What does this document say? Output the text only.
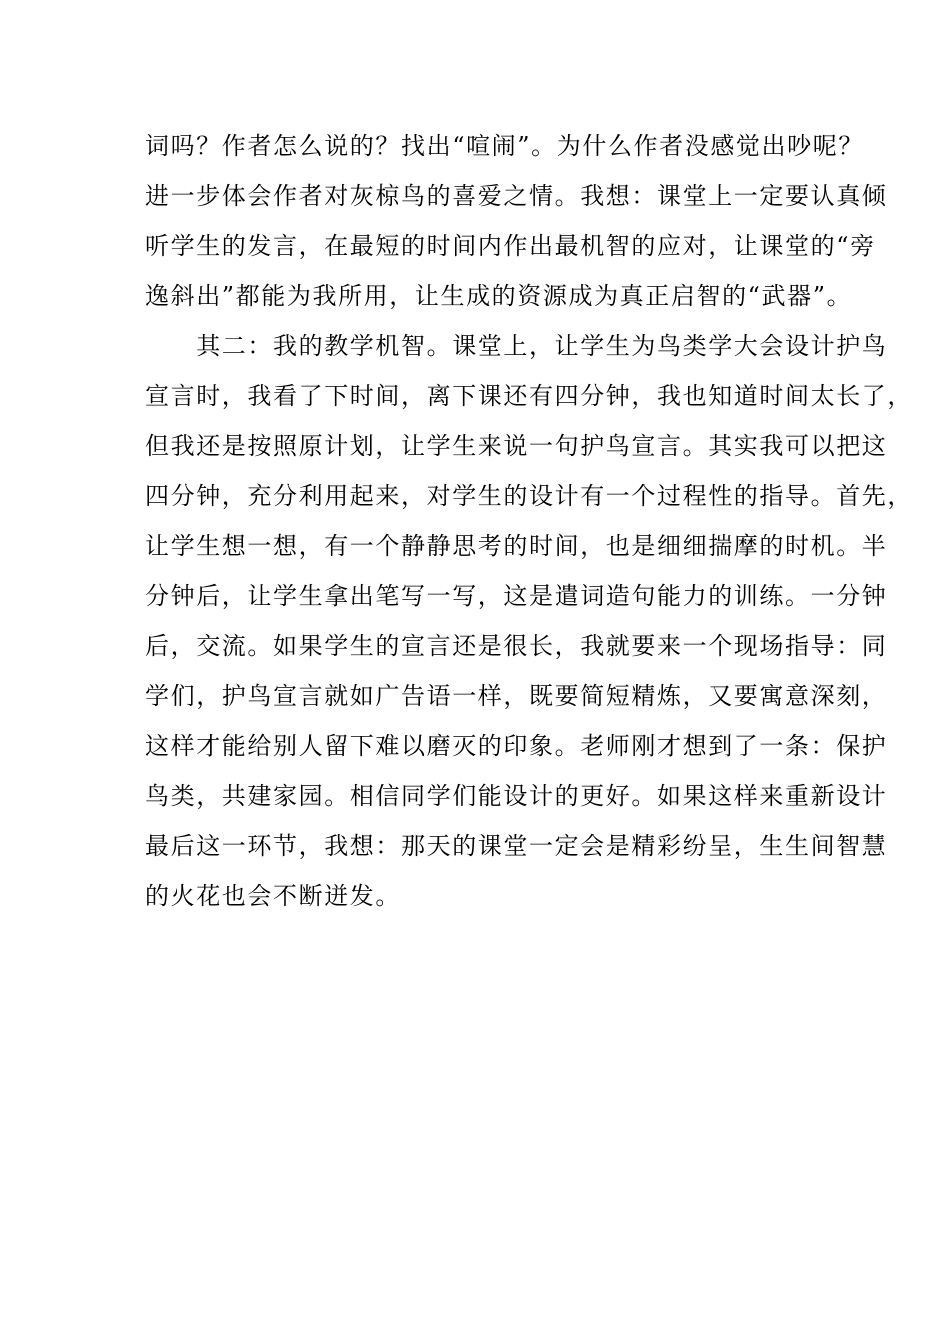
词吗？作者怎么说的？找出“喧闹”。为什么作者没感觉出吵呢？
进一步体会作者对灰椋鸟的喜爱之情。我想：课堂上一定要认真倾
听学生的发言，在最短的时间内作出最机智的应对，让课堂的“旁
逸斜出”都能为我所用，让生成的资源成为真正启智的“武器”。
　　其二：我的教学机智。课堂上，让学生为鸟类学大会设计护鸟
宣言时，我看了下时间，离下课还有四分钟，我也知道时间太长了，
但我还是按照原计划，让学生来说一句护鸟宣言。其实我可以把这
四分钟，充分利用起来，对学生的设计有一个过程性的指导。首先，
让学生想一想，有一个静静思考的时间，也是细细揣摩的时机。半
分钟后，让学生拿出笔写一写，这是遣词造句能力的训练。一分钟
后，交流。如果学生的宣言还是很长，我就要来一个现场指导：同
学们，护鸟宣言就如广告语一样，既要简短精炼，又要寓意深刻，
这样才能给别人留下难以磨灭的印象。老师刚才想到了一条：保护
鸟类，共建家园。相信同学们能设计的更好。如果这样来重新设计
最后这一环节，我想：那天的课堂一定会是精彩纷呈，生生间智慧
的火花也会不断迸发。
